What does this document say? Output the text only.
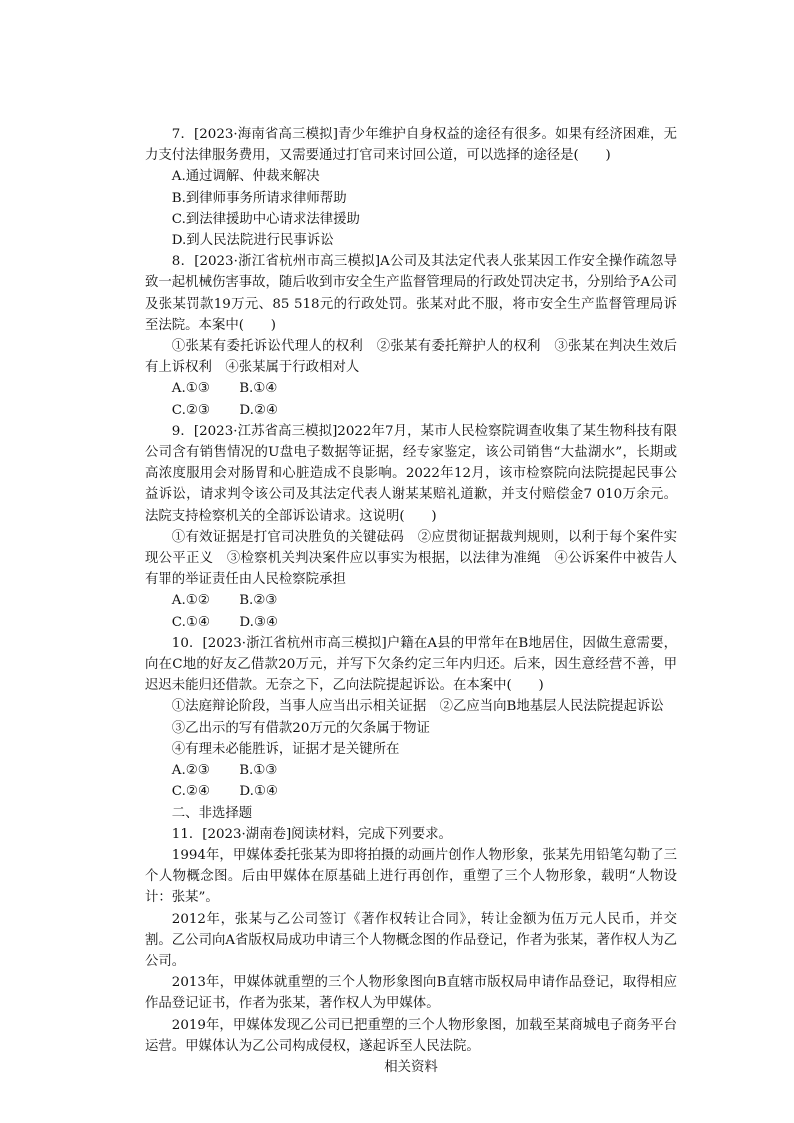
7．[2023·海南省高三模拟]青少年维护自身权益的途径有很多。如果有经济困难，无力支付法律服务费用，又需要通过打官司来讨回公道，可以选择的途径是(　　)

A.通过调解、仲裁来解决

B.到律师事务所请求律师帮助

C.到法律援助中心请求法律援助

D.到人民法院进行民事诉讼

8．[2023·浙江省杭州市高三模拟]A公司及其法定代表人张某因工作安全操作疏忽导致一起机械伤害事故，随后收到市安全生产监督管理局的行政处罚决定书，分别给予A公司及张某罚款19万元、85 518元的行政处罚。张某对此不服，将市安全生产监督管理局诉至法院。本案中(　　)

①张某有委托诉讼代理人的权利　②张某有委托辩护人的权利　③张某在判决生效后有上诉权利　④张某属于行政相对人

A.①③ B.①④

C.②③ D.②④

9．[2023·江苏省高三模拟]2022年7月，某市人民检察院调查收集了某生物科技有限公司含有销售情况的U盘电子数据等证据，经专家鉴定，该公司销售“大盐湖水”，长期或高浓度服用会对肠胃和心脏造成不良影响。2022年12月，该市检察院向法院提起民事公益诉讼，请求判令该公司及其法定代表人谢某某赔礼道歉，并支付赔偿金7 010万余元。法院支持检察机关的全部诉讼请求。这说明(　　)

①有效证据是打官司决胜负的关键砝码　②应贯彻证据裁判规则，以利于每个案件实现公平正义　③检察机关判决案件应以事实为根据，以法律为准绳　④公诉案件中被告人有罪的举证责任由人民检察院承担

A.①② B.②③

C.①④ D.③④

10．[2023·浙江省杭州市高三模拟]户籍在A县的甲常年在B地居住，因做生意需要，向在C地的好友乙借款20万元，并写下欠条约定三年内归还。后来，因生意经营不善，甲迟迟未能归还借款。无奈之下，乙向法院提起诉讼。在本案中(　　)

①法庭辩论阶段，当事人应当出示相关证据　②乙应当向B地基层人民法院提起诉讼

③乙出示的写有借款20万元的欠条属于物证

④有理未必能胜诉，证据才是关键所在

A.②③ B.①③

C.②④ D.①④

二、非选择题

11．[2023·湖南卷]阅读材料，完成下列要求。

1994年，甲媒体委托张某为即将拍摄的动画片创作人物形象，张某先用铅笔勾勒了三个人物概念图。后由甲媒体在原基础上进行再创作，重塑了三个人物形象，载明“人物设计：张某”。

2012年，张某与乙公司签订《著作权转让合同》，转让金额为伍万元人民币，并交割。乙公司向A省版权局成功申请三个人物概念图的作品登记，作者为张某，著作权人为乙公司。

2013年，甲媒体就重塑的三个人物形象图向B直辖市版权局申请作品登记，取得相应作品登记证书，作者为张某，著作权人为甲媒体。

2019年，甲媒体发现乙公司已把重塑的三个人物形象图，加载至某商城电子商务平台运营。甲媒体认为乙公司构成侵权，遂起诉至人民法院。

相关资料
